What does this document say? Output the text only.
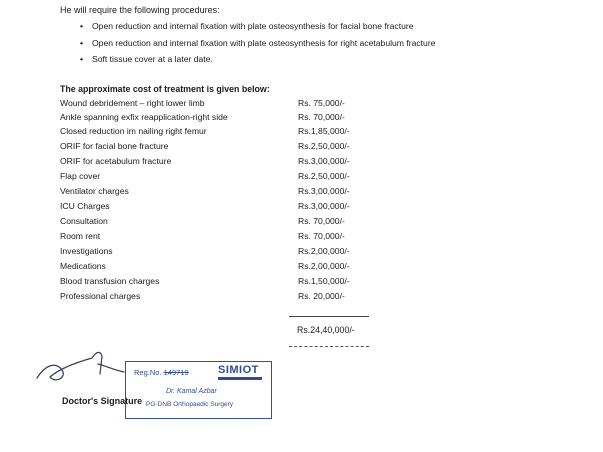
He will require the following procedures:
• Open reduction and internal fixation with plate osteosynthesis for facial bone fracture
• Open reduction and internal fixation with plate osteosynthesis for right acetabulum fracture
• Soft tissue cover at a later date.
The approximate cost of treatment is given below:
Wound debridement – right lower limb	Rs. 75,000/-
Ankle spanning exfix reapplication-right side	Rs. 70,000/-
Closed reduction im nailing right femur	Rs.1,85,000/-
ORIF for facial bone fracture	Rs.2,50,000/-
ORIF for acetabulum fracture	Rs.3,00,000/-
Flap cover	Rs.2,50,000/-
Ventilator charges	Rs.3,00,000/-
ICU Charges	Rs.3,00,000/-
Consultation	Rs. 70,000/-
Room rent	Rs. 70,000/-
Investigations	Rs.2,00,000/-
Medications	Rs.2,00,000/-
Blood transfusion charges	Rs.1,50,000/-
Professional charges	Rs. 20,000/-
Rs.24,40,000/-
Doctor's Signature
Reg.No. 149719	SIMIOT
Dr. Kamal Azbar
PG-DNB Orthopaedic Surgery
